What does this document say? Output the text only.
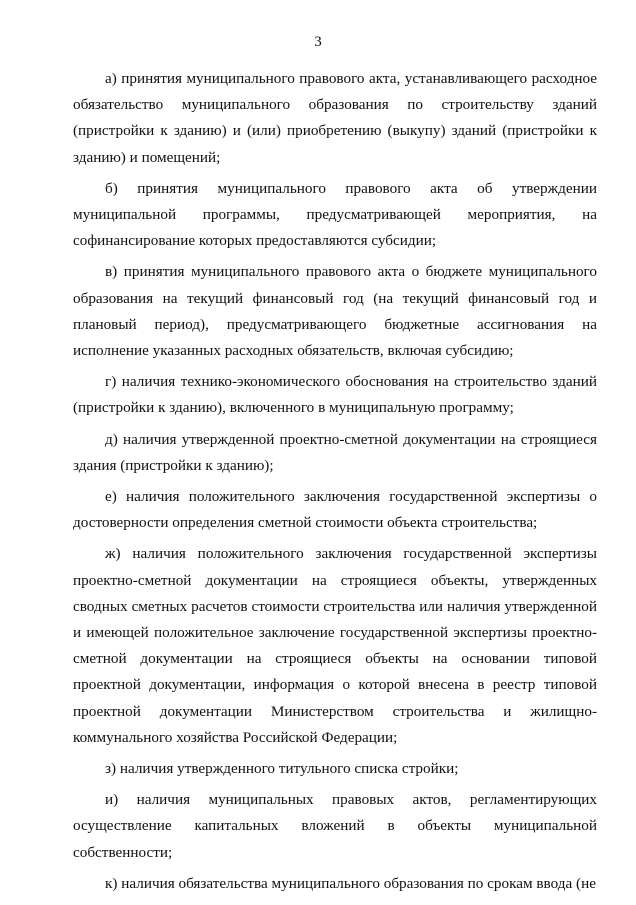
3

а) принятия муниципального правового акта, устанавливающего расходное обязательство муниципального образования по строительству зданий (пристройки к зданию) и (или) приобретению (выкупу) зданий (пристройки к зданию) и помещений;

б) принятия муниципального правового акта об утверждении муниципальной программы, предусматривающей мероприятия, на софинансирование которых предоставляются субсидии;

в) принятия муниципального правового акта о бюджете муниципального образования на текущий финансовый год (на текущий финансовый год и плановый период), предусматривающего бюджетные ассигнования на исполнение указанных расходных обязательств, включая субсидию;

г) наличия технико-экономического обоснования на строительство зданий (пристройки к зданию), включенного в муниципальную программу;

д) наличия утвержденной проектно-сметной документации на строящиеся здания (пристройки к зданию);

е) наличия положительного заключения государственной экспертизы о достоверности определения сметной стоимости объекта строительства;

ж) наличия положительного заключения государственной экспертизы проектно-сметной документации на строящиеся объекты, утвержденных сводных сметных расчетов стоимости строительства или наличия утвержденной и имеющей положительное заключение государственной экспертизы проектно-сметной документации на строящиеся объекты на основании типовой проектной документации, информация о которой внесена в реестр типовой проектной документации Министерством строительства и жилищно-коммунального хозяйства Российской Федерации;

з) наличия утвержденного титульного списка стройки;

и) наличия муниципальных правовых актов, регламентирующих осуществление капитальных вложений в объекты муниципальной собственности;

к) наличия обязательства муниципального образования по срокам ввода (не
